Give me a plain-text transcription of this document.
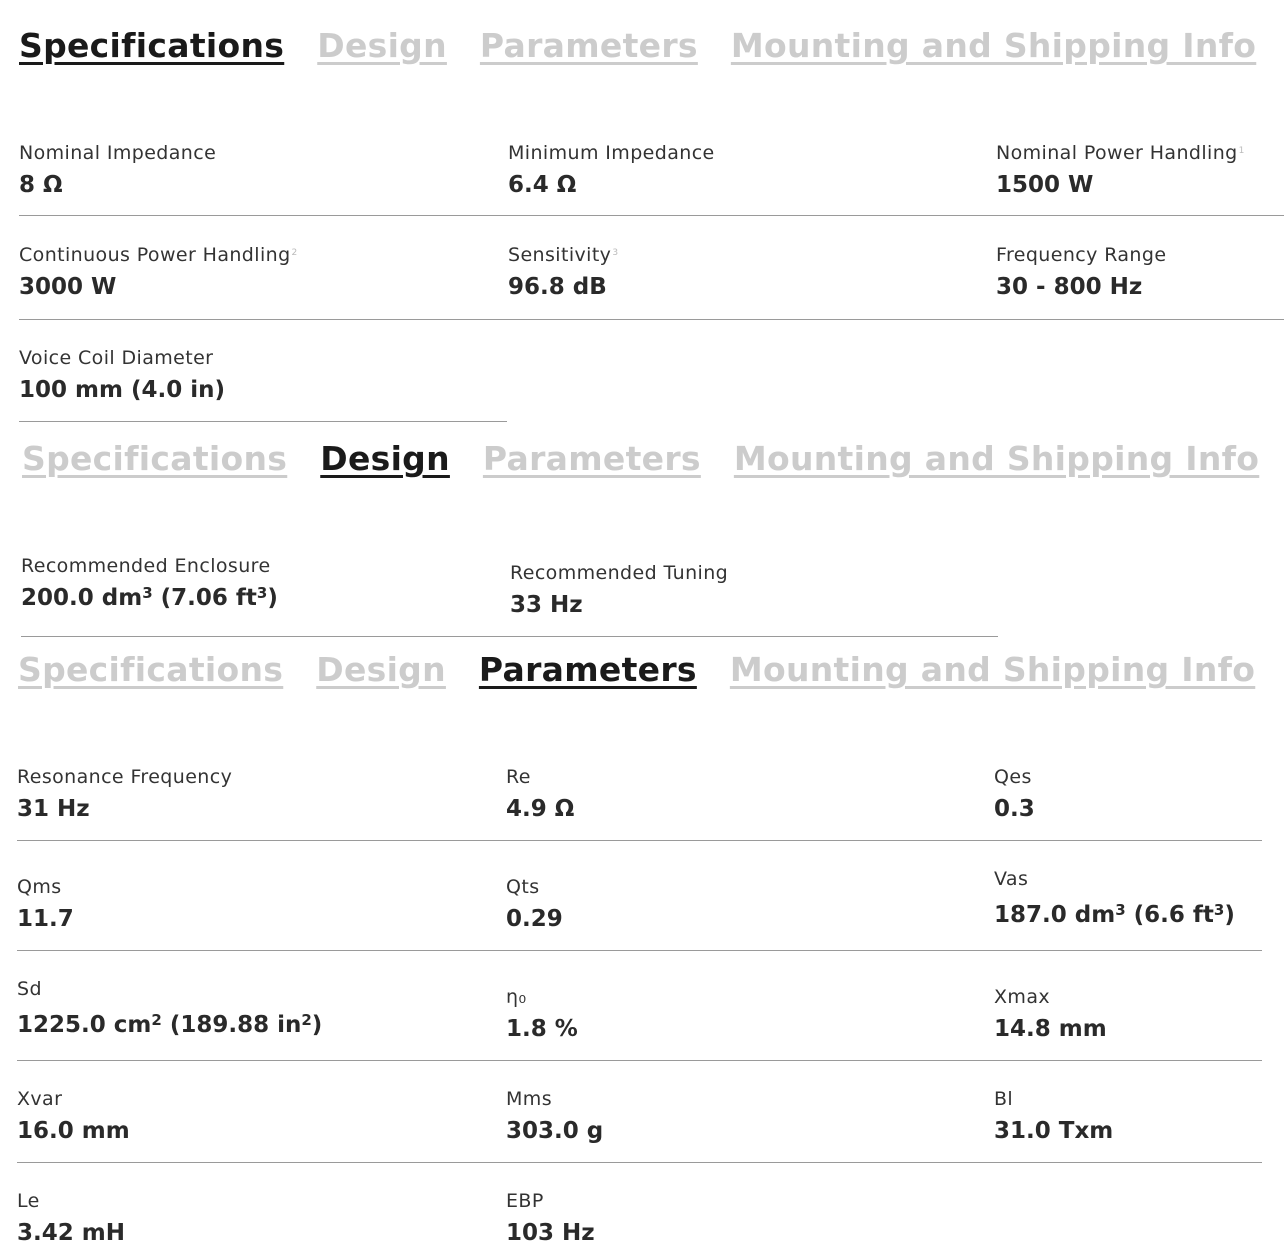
Specifications Design Parameters Mounting and Shipping Info
Nominal Impedance
8 Ω
Minimum Impedance
6.4 Ω
Nominal Power Handling$^1$
1500 W
Continuous Power Handling$^2$
3000 W
Sensitivity$^3$
96.8 dB
Frequency Range
30 - 800 Hz
Voice Coil Diameter
100 mm (4.0 in)
Specifications Design Parameters Mounting and Shipping Info
Recommended Enclosure
200.0 $dm^3$ (7.06 $ft^3$)
Recommended Tuning
33 Hz
Specifications Design Parameters Mounting and Shipping Info
Resonance Frequency
31 Hz
Re
4.9 Ω
Qes
0.3
Qms
11.7
Qts
0.29
Vas
187.0 $dm^3$ (6.6 $ft^3$)
Sd
1225.0 $cm^2$ (189.88 $in^2$)
η₀
1.8 %
Xmax
14.8 mm
Xvar
16.0 mm
Mms
303.0 g
Bl
31.0 Txm
Le
3.42 mH
EBP
103 Hz
